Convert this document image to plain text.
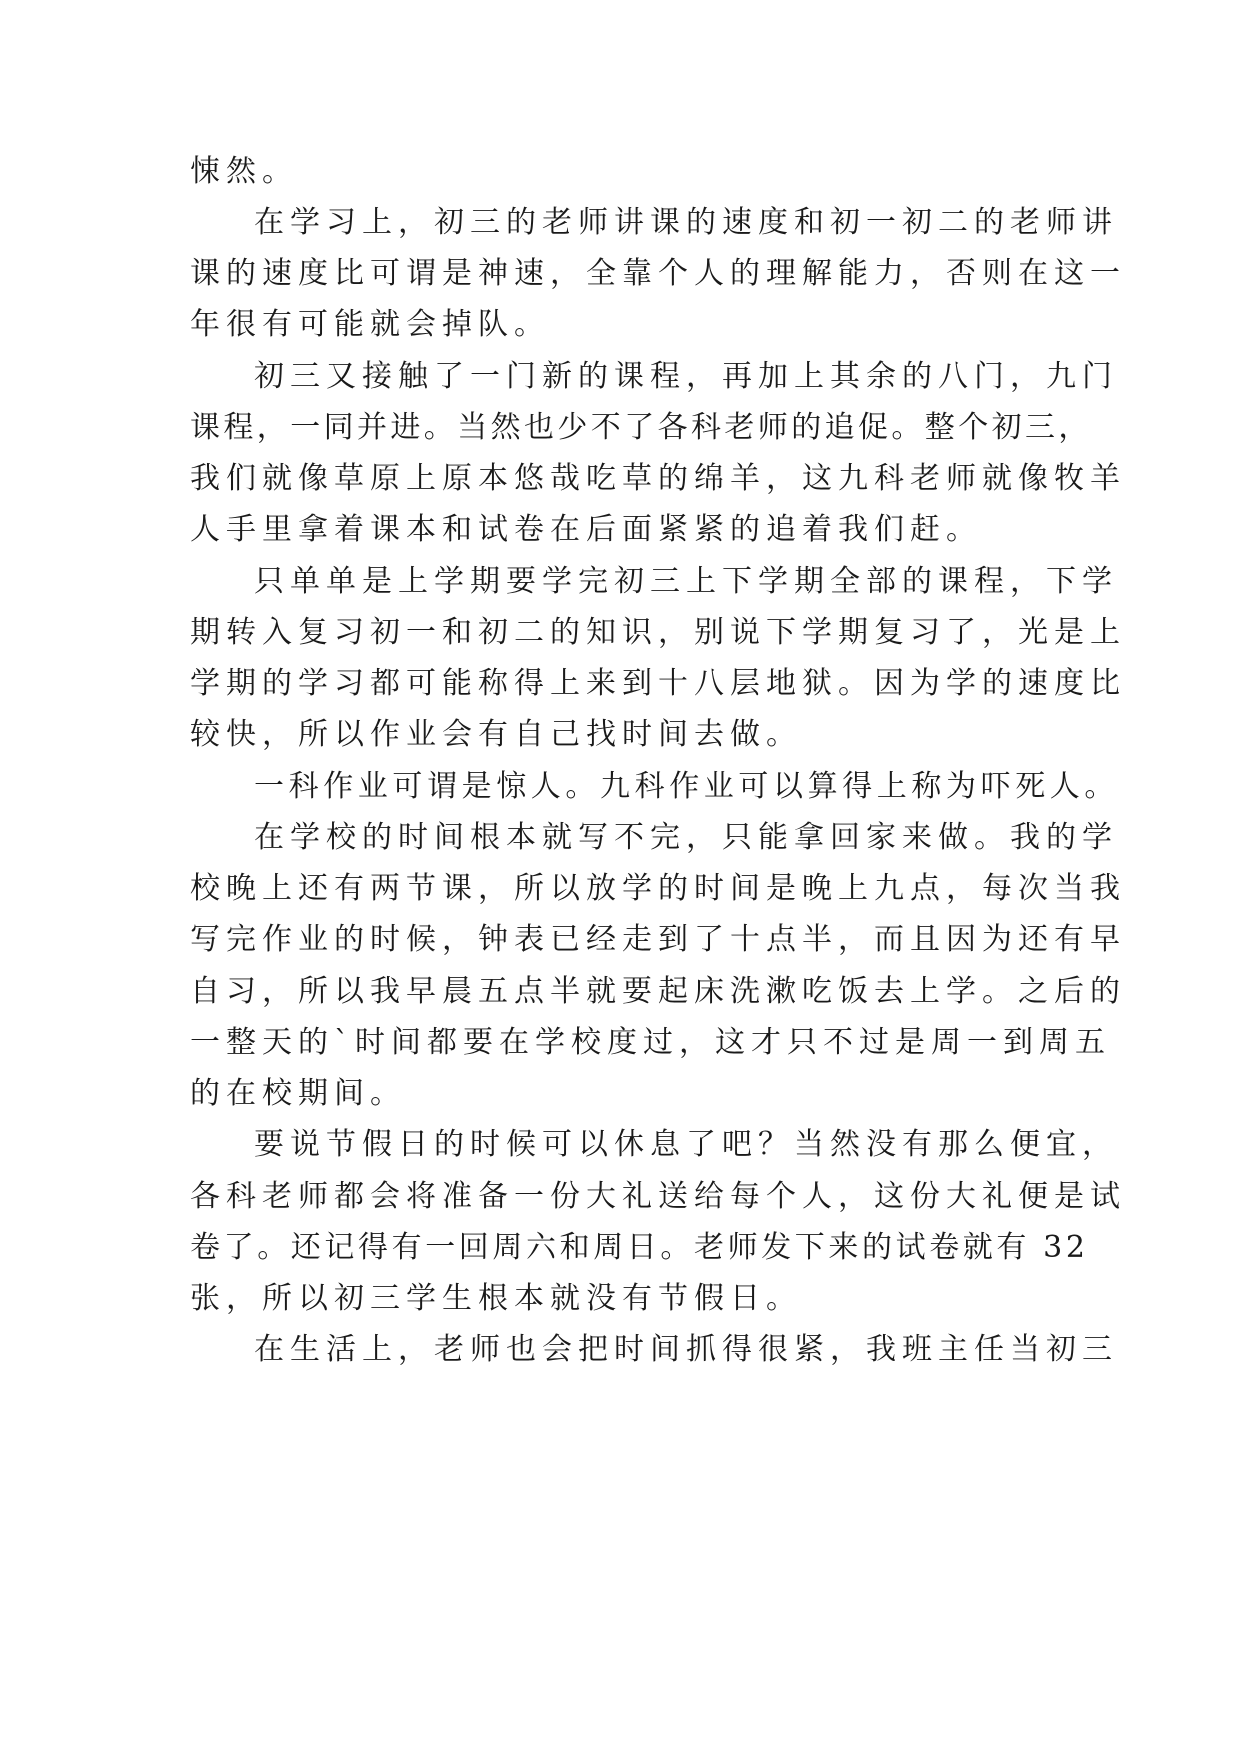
悚然。
在学习上，初三的老师讲课的速度和初一初二的老师讲
课的速度比可谓是神速，全靠个人的理解能力，否则在这一
年很有可能就会掉队。
初三又接触了一门新的课程，再加上其余的八门，九门
课程，一同并进。当然也少不了各科老师的追促。整个初三，
我们就像草原上原本悠哉吃草的绵羊，这九科老师就像牧羊
人手里拿着课本和试卷在后面紧紧的追着我们赶。
只单单是上学期要学完初三上下学期全部的课程，下学
期转入复习初一和初二的知识，别说下学期复习了，光是上
学期的学习都可能称得上来到十八层地狱。因为学的速度比
较快，所以作业会有自己找时间去做。
一科作业可谓是惊人。九科作业可以算得上称为吓死人。
在学校的时间根本就写不完，只能拿回家来做。我的学
校晚上还有两节课，所以放学的时间是晚上九点，每次当我
写完作业的时候，钟表已经走到了十点半，而且因为还有早
自习，所以我早晨五点半就要起床洗漱吃饭去上学。之后的
一整天的`时间都要在学校度过，这才只不过是周一到周五
的在校期间。
要说节假日的时候可以休息了吧？当然没有那么便宜，
各科老师都会将准备一份大礼送给每个人，这份大礼便是试
卷了。还记得有一回周六和周日。老师发下来的试卷就有 32
张，所以初三学生根本就没有节假日。
在生活上，老师也会把时间抓得很紧，我班主任当初三
